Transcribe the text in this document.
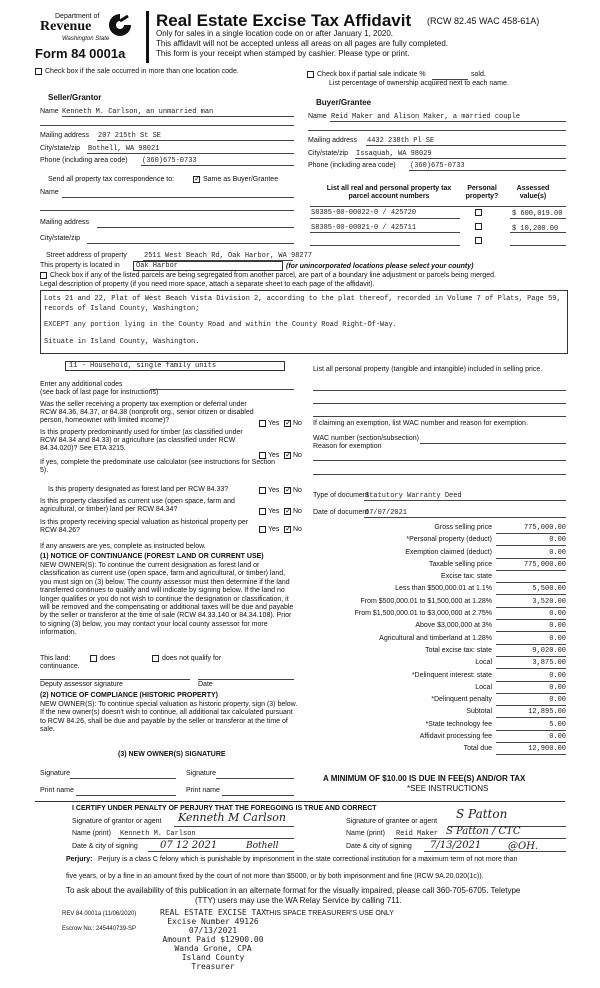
Department of
Revenue
Washington State
Form 84 0001a
Real Estate Excise Tax Affidavit (RCW 82.45 WAC 458-61A)
Only for sales in a single location code on or after January 1, 2020.
This affidavit will not be accepted unless all areas on all pages are fully completed.
This form is your receipt when stamped by cashier. Please type or print.
Check box if the sale occurred in more than one location code.	Check box if partial sale indicate %	sold.
List percentage of ownership acquired next to each name.
Seller/Grantor
Name Kenneth M. Carlson, an unmarried man
Mailing address 207 215th St SE
City/state/zip Bothell, WA 98021
Phone (including area code) (360)675-0733
Buyer/Grantee
Name Reid Maker and Alison Maker, a married couple
Mailing address 4432 238th Pl SE
City/state/zip Issaquah, WA 98029
Phone (including area code) (360)675-0733
Send all property tax correspondence to: ✓	Same as Buyer/Grantee
Name
Mailing address
City/state/zip
List all real and personal property tax
parcel account numbers
Personal
property?
Assessed
value(s)
S8385-00-00022-0 / 425720	$ 600,019.00
S8385-00-00021-0 / 425711	$ 10,200.00
Street address of property 2511 West Beach Rd, Oak Harbor, WA 98277
This property is located in	Oak Harbor	(for unincorporated locations please select your county)
Check box if any of the listed parcels are being segregated from another parcel, are part of a boundary line adjustment or parcels being merged.
Legal description of property (if you need more space, attach a separate sheet to each page of the affidavit).
Lots 21 and 22, Plat of West Beach Vista Division 2, according to the plat thereof, recorded in Volume 7 of Plats, Page 59, records of Island County, Washington;
EXCEPT any portion lying in the County Road and within the County Road Right-Of-Way.
Situate in Island County, Washington.
11 - Household, single family units
Enter any additional codes
(see back of last page for instructions)
Was the seller receiving a property tax exemption or deferral under RCW 84.36, 84.37, or 84.38 (nonprofit org., senior citizen or disabled person, homeowner with limited income)?	Yes ✓ No
Is this property predominantly used for timber (as classified under RCW 84.34 and 84.33) or agriculture (as classified under RCW 84.34.020)? See ETA 3215.
Yes ✓ No
If yes, complete the predominate use calculator (see instructions for Section 5).
Is this property designated as forest land per RCW 84.33?	Yes ✓ No
Is this property classified as current use (open space, farm and agricultural, or timber) land per RCW 84.34?	Yes ✓ No
Is this property receiving special valuation as historical property per RCW 84.26?	Yes ✓ No
If any answers are yes, complete as instructed below.
(1) NOTICE OF CONTINUANCE (FOREST LAND OR CURRENT USE)
NEW OWNER(S): To continue the current designation as forest land or classification as current use (open space, farm and agricultural, or timber) land, you must sign on (3) below. The county assessor must then determine if the land transferred continues to qualify and will indicate by signing below. If the land no longer qualifies or you do not wish to continue the designation or classification, it will be removed and the compensating or additional taxes will be due and payable by the seller or transferor at the time of sale (RCW 84.33.140 or 84.34.108). Prior to signing (3) below, you may contact your local county assessor for more information.
This land:	does	does not qualify for
continuance.
Deputy assessor signature	Date
(2) NOTICE OF COMPLIANCE (HISTORIC PROPERTY)
NEW OWNER(S): To continue special valuation as historic property, sign (3) below. If the new owner(s) doesn't wish to continue, all additional tax calculated pursuant to RCW 84.26, shall be due and payable by the seller or transferor at the time of sale.
(3) NEW OWNER(S) SIGNATURE
Signature	Signature
Print name	Print name
List all personal property (tangible and intangible) included in selling price.
If claiming an exemption, list WAC number and reason for exemption.
WAC number (section/subsection)
Reason for exemption
Type of document
Statutory Warranty Deed
Date of document
07/07/2021
Gross selling price	775,000.00
*Personal property (deduct)	0.00
Exemption claimed (deduct)	0.00
Taxable selling price	775,000.00
Excise tax: state
Less than $500,000.01 at 1.1%	5,500.00
From $500,000.01 to $1,500,000 at 1.28%	3,520.00
From $1,500,000.01 to $3,000,000 at 2.75%	0.00
Above $3,000,000 at 3%	0.00
Agricultural and timberland at 1.28%	0.00
Total excise tax: state	9,020.00
Local	3,875.00
*Delinquent interest: state	0.00
Local	0.00
*Delinquent penalty	0.00
Subtotal	12,895.00
*State technology fee	5.00
Affidavit processing fee	0.00
Total due	12,900.00
A MINIMUM OF $10.00 IS DUE IN FEE(S) AND/OR TAX
*SEE INSTRUCTIONS
I CERTIFY UNDER PENALTY OF PERJURY THAT THE FOREGOING IS TRUE AND CORRECT
Signature of grantor or agent Kenneth M Carlson
Name (print) Kenneth M. Carlson
Date & city of signing 07 12 2021	Bothell
Signature of grantee or agent
S Patton
Name (print) Reid Maker S Patton / CTC
Date & city of signing 7/13/2021	@OH.
Perjury: Perjury is a class C felony which is punishable by imprisonment in the state correctional institution for a maximum term of not more than
five years, or by a fine in an amount fixed by the court of not more than $5000, or by both imprisonment and fine (RCW 9A.20.020(1c)).
To ask about the availability of this publication in an alternate format for the visually impaired, please call 360-705-6705. Teletype
(TTY) users may use the WA Relay Service by calling 711.
REV 84 0001a (11/06/2020)
Escrow No.: 245440739-SP
THIS SPACE TREASURER'S USE ONLY
REAL ESTATE EXCISE TAX
Excise Number 49126
07/13/2021
Amount Paid $12900.00
Wanda Grone, CPA
Island County Treasurer
